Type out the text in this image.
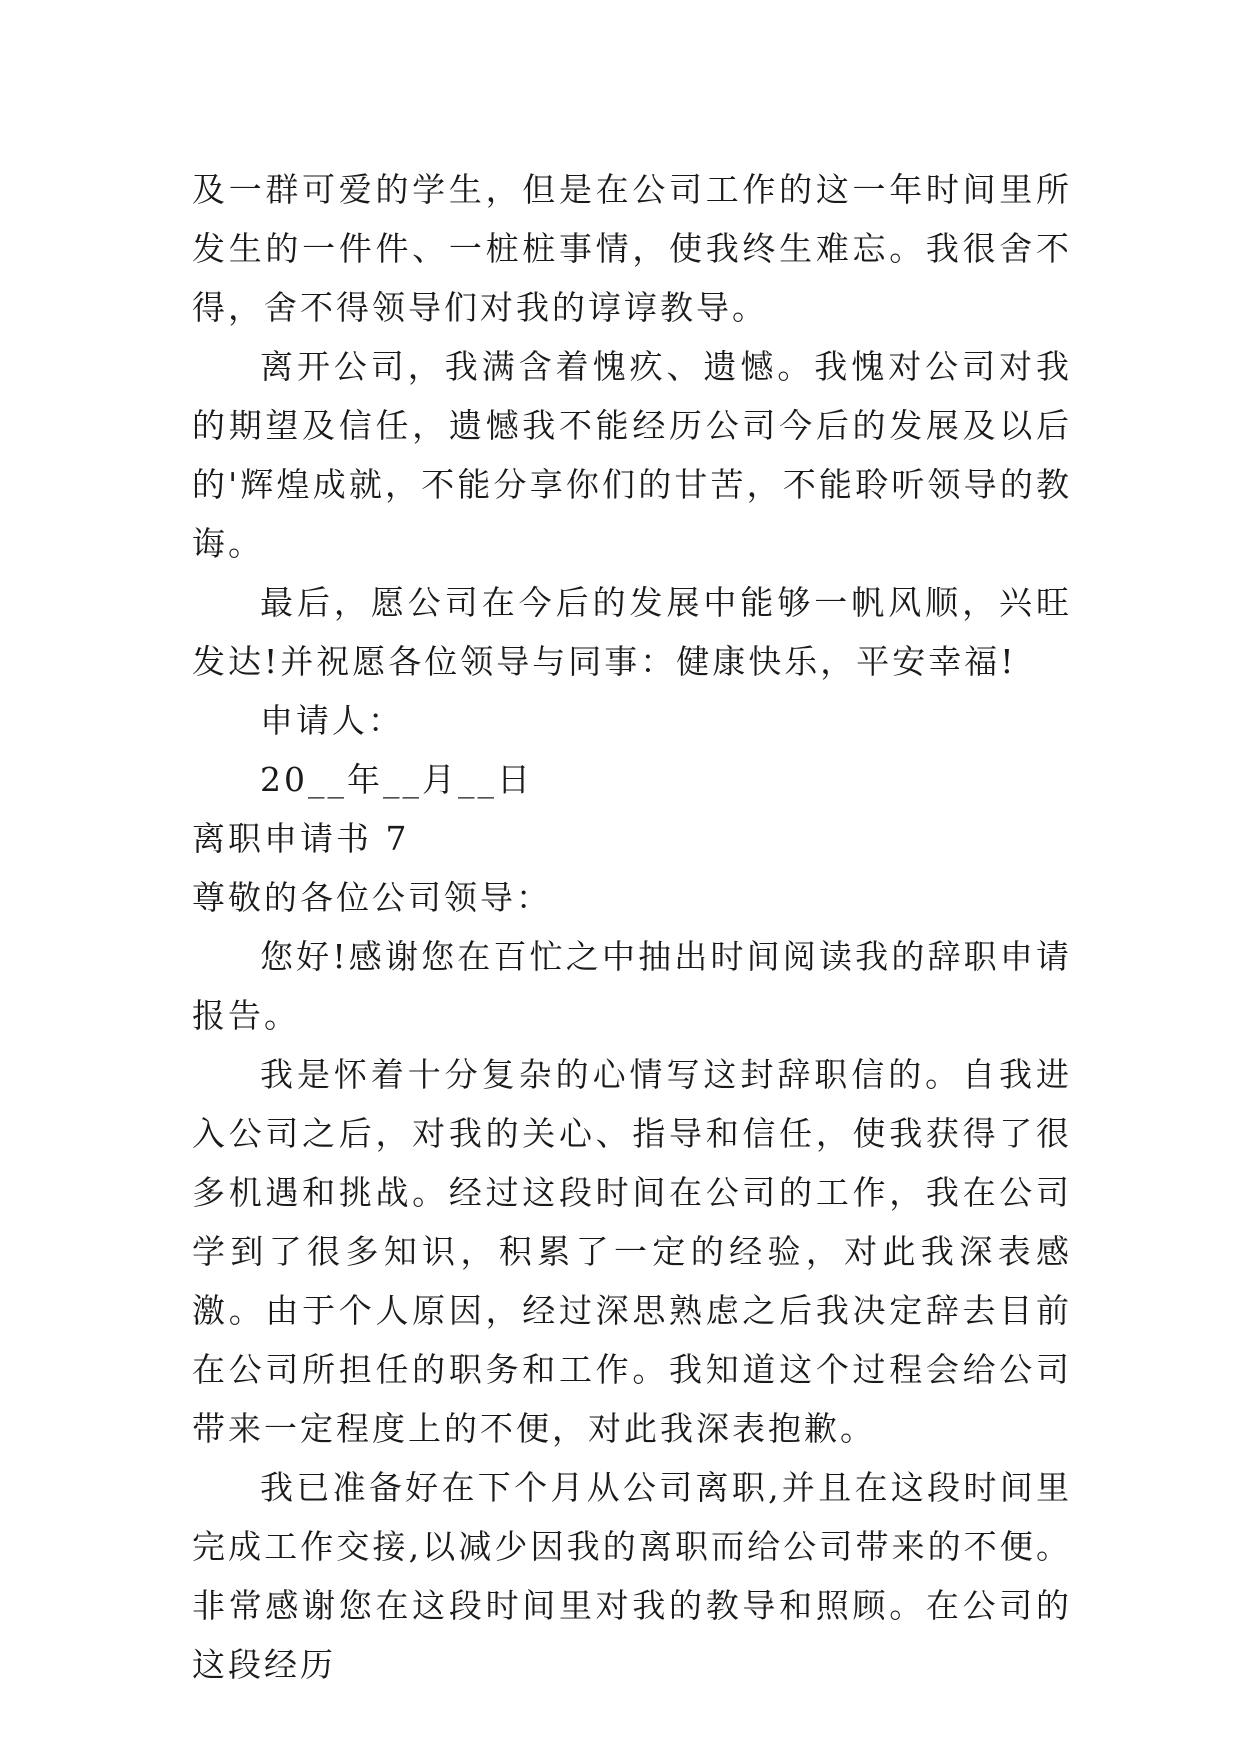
及一群可爱的学生，但是在公司工作的这一年时间里所发生的一件件、一桩桩事情，使我终生难忘。我很舍不得，舍不得领导们对我的谆谆教导。

离开公司，我满含着愧疚、遗憾。我愧对公司对我的期望及信任，遗憾我不能经历公司今后的发展及以后的'辉煌成就，不能分享你们的甘苦，不能聆听领导的教诲。

最后，愿公司在今后的发展中能够一帆风顺，兴旺发达!并祝愿各位领导与同事：健康快乐，平安幸福!

申请人：

20__年__月__日

离职申请书 7

尊敬的各位公司领导：

您好!感谢您在百忙之中抽出时间阅读我的辞职申请报告。

我是怀着十分复杂的心情写这封辞职信的。自我进入公司之后，对我的关心、指导和信任，使我获得了很多机遇和挑战。经过这段时间在公司的工作，我在公司学到了很多知识，积累了一定的经验，对此我深表感激。由于个人原因，经过深思熟虑之后我决定辞去目前在公司所担任的职务和工作。我知道这个过程会给公司带来一定程度上的不便，对此我深表抱歉。

我已准备好在下个月从公司离职,并且在这段时间里完成工作交接,以减少因我的离职而给公司带来的不便。非常感谢您在这段时间里对我的教导和照顾。在公司的这段经历
